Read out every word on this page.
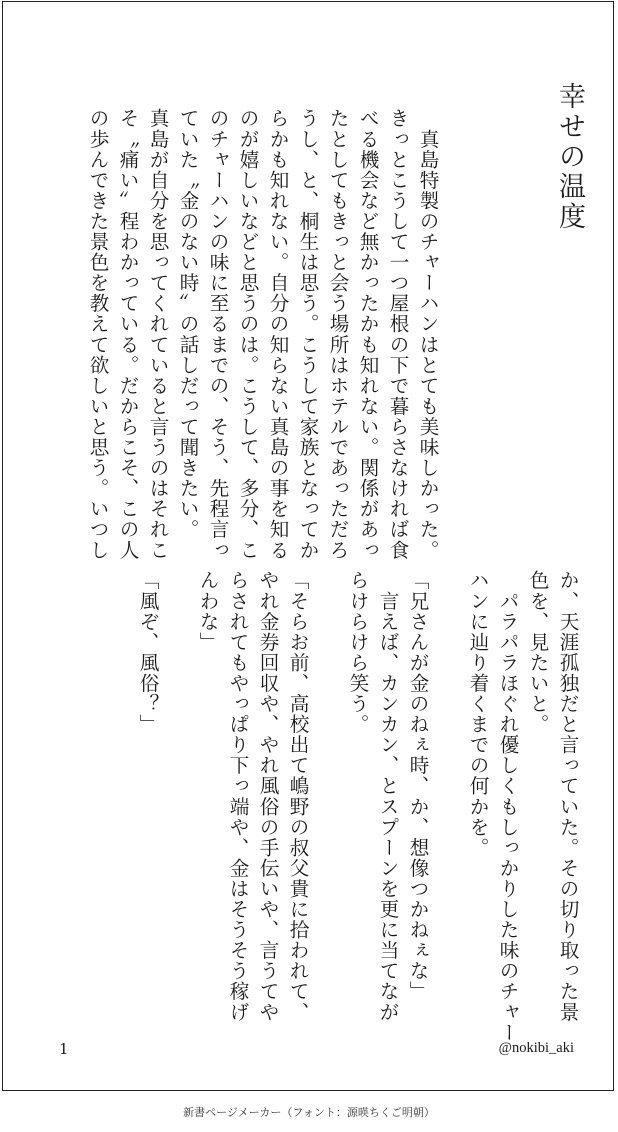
幸せの温度
　真島特製のチャーハンはとても美味しかった。
きっとこうして一つ屋根の下で暮らさなければ食
べる機会など無かったかも知れない。関係があっ
たとしてもきっと会う場所はホテルであっただろ
うし、と、桐生は思う。こうして家族となってか
らかも知れない。自分の知らない真島の事を知る
のが嬉しいなどと思うのは。こうして、多分、こ
のチャーハンの味に至るまでの、そう、先程言っ
ていた〝金のない時〟の話しだって聞きたい。
真島が自分を思ってくれていると言うのはそれこ
そ〝痛い〟程わかっている。だからこそ、この人
の歩んできた景色を教えて欲しいと思う。いつし
か、天涯孤独だと言っていた。その切り取った景
色を、見たいと。
　パラパラほぐれ優しくもしっかりした味のチャー
ハンに辿り着くまでの何かを。
「兄さんが金のねぇ時、か、想像つかねぇな」
　言えば、カンカン、とスプーンを更に当てなが
らけらけら笑う。
「そらお前、高校出て嶋野の叔父貴に拾われて、
やれ金券回収や、やれ風俗の手伝いや、言うてや
らされてもやっぱり下っ端や、金はそうそう稼げ
んわな」
「風ぞ、風俗？」
1	@nokibi_aki
新書ページメーカー（フォント：源暎ちくご明朝）
